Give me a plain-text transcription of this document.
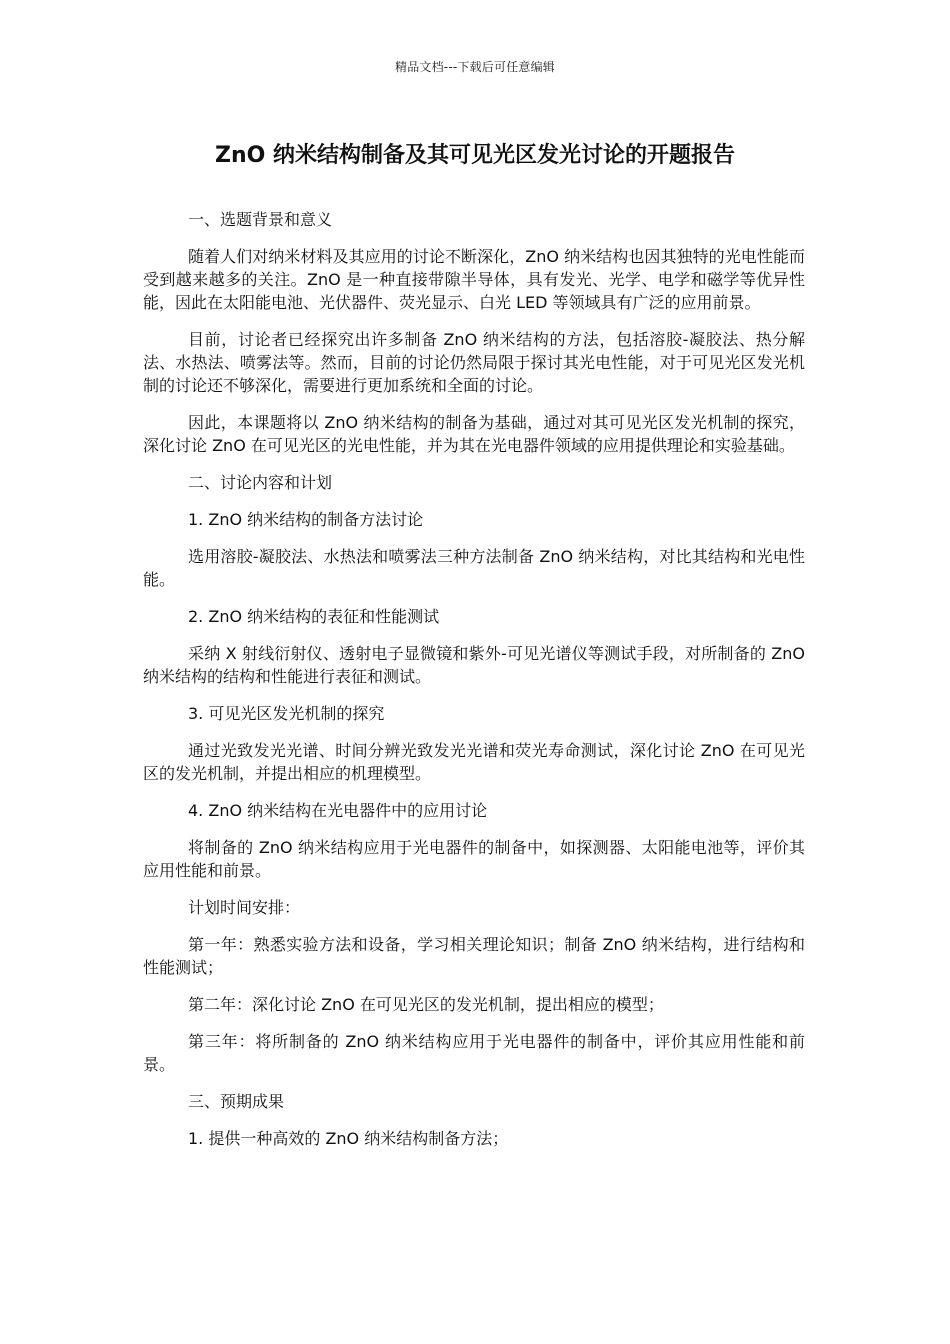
精品文档---下载后可任意编辑
ZnO 纳米结构制备及其可见光区发光讨论的开题报告

一、选题背景和意义

随着人们对纳米材料及其应用的讨论不断深化，ZnO 纳米结构也因其独特的光电性能而受到越来越多的关注。ZnO 是一种直接带隙半导体，具有发光、光学、电学和磁学等优异性能，因此在太阳能电池、光伏器件、荧光显示、白光 LED 等领域具有广泛的应用前景。

目前，讨论者已经探究出许多制备 ZnO 纳米结构的方法，包括溶胶-凝胶法、热分解法、水热法、喷雾法等。然而，目前的讨论仍然局限于探讨其光电性能，对于可见光区发光机制的讨论还不够深化，需要进行更加系统和全面的讨论。

因此，本课题将以 ZnO 纳米结构的制备为基础，通过对其可见光区发光机制的探究，深化讨论 ZnO 在可见光区的光电性能，并为其在光电器件领域的应用提供理论和实验基础。

二、讨论内容和计划

1. ZnO 纳米结构的制备方法讨论

选用溶胶-凝胶法、水热法和喷雾法三种方法制备 ZnO 纳米结构，对比其结构和光电性能。

2. ZnO 纳米结构的表征和性能测试

采纳 X 射线衍射仪、透射电子显微镜和紫外-可见光谱仪等测试手段，对所制备的 ZnO 纳米结构的结构和性能进行表征和测试。

3. 可见光区发光机制的探究

通过光致发光光谱、时间分辨光致发光光谱和荧光寿命测试，深化讨论 ZnO 在可见光区的发光机制，并提出相应的机理模型。

4. ZnO 纳米结构在光电器件中的应用讨论

将制备的 ZnO 纳米结构应用于光电器件的制备中，如探测器、太阳能电池等，评价其应用性能和前景。

计划时间安排：

第一年：熟悉实验方法和设备，学习相关理论知识；制备 ZnO 纳米结构，进行结构和性能测试；

第二年：深化讨论 ZnO 在可见光区的发光机制，提出相应的模型；

第三年：将所制备的 ZnO 纳米结构应用于光电器件的制备中，评价其应用性能和前景。

三、预期成果

1. 提供一种高效的 ZnO 纳米结构制备方法；
